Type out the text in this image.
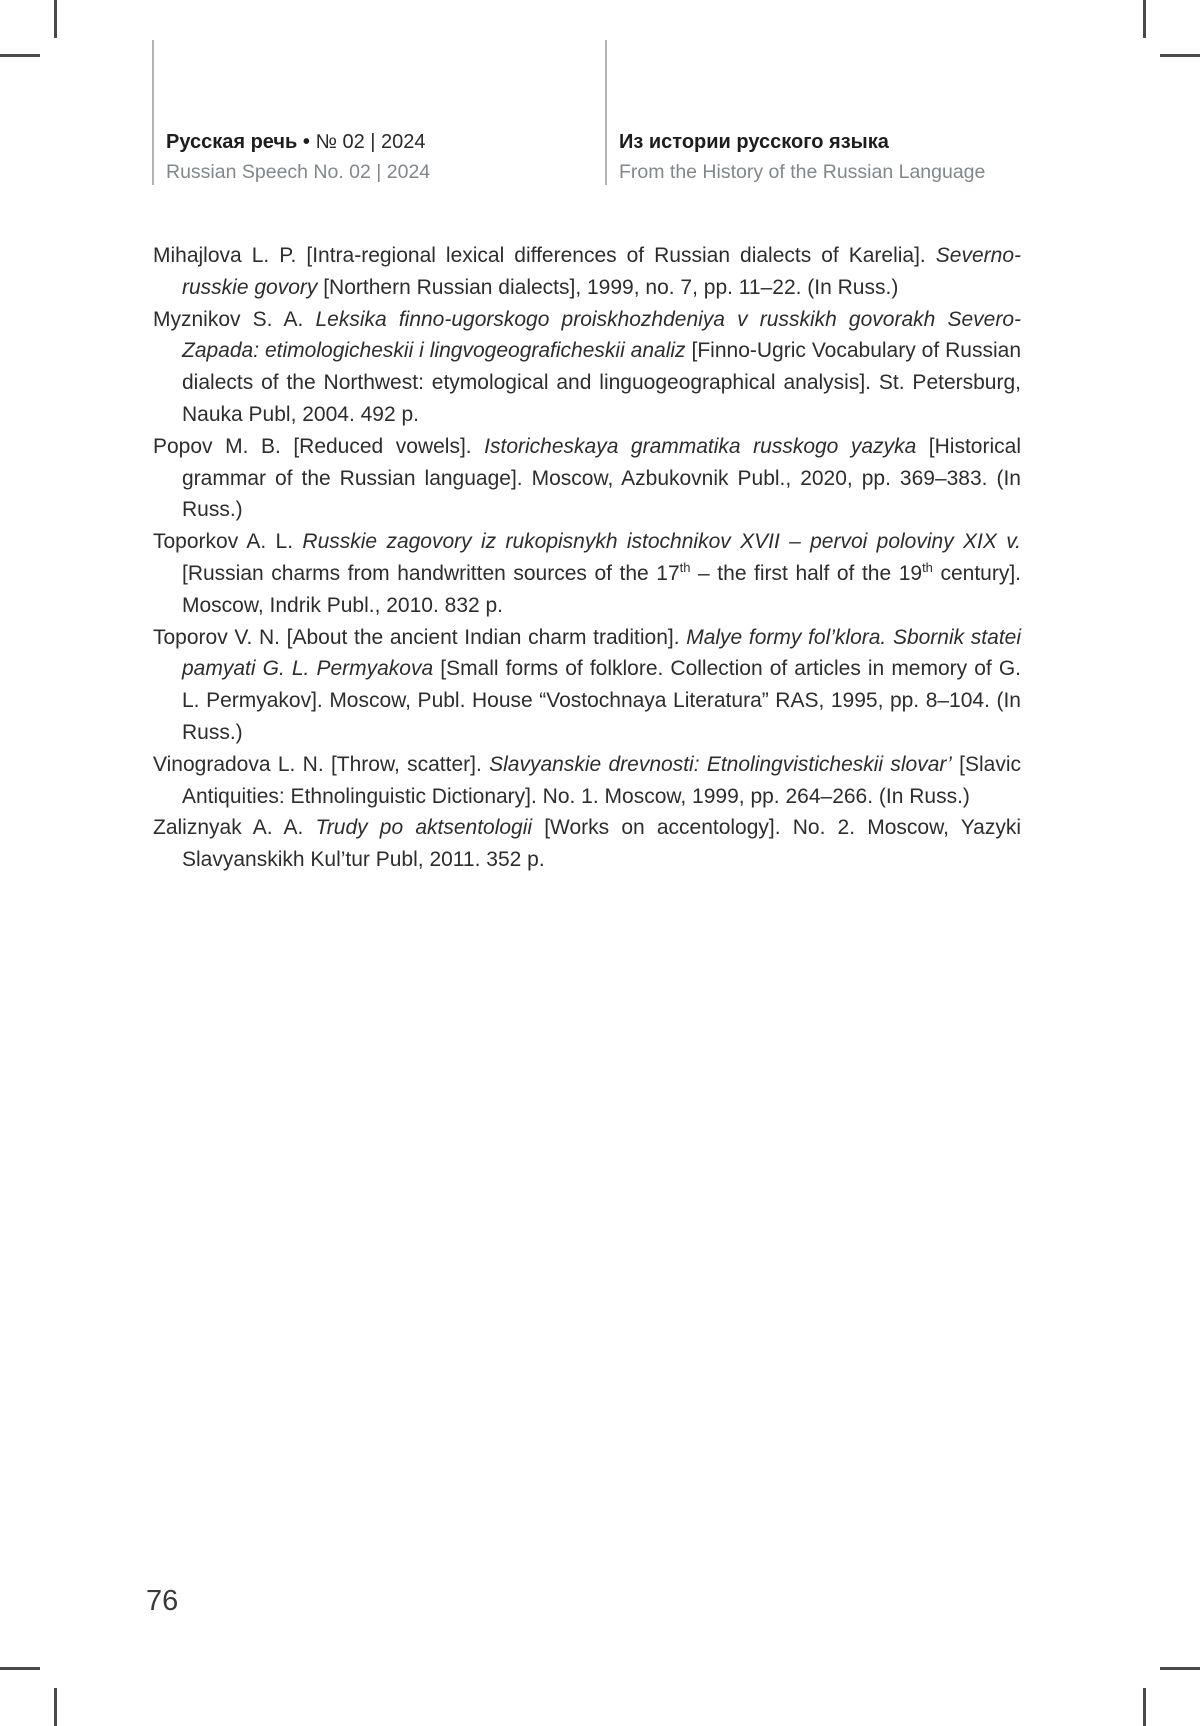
Русская речь • № 02 | 2024
Russian Speech No. 02 | 2024
Из истории русского языка
From the History of the Russian Language

Mihajlova L. P. [Intra-regional lexical differences of Russian dialects of Karelia]. Severno-russkie govory [Northern Russian dialects], 1999, no. 7, pp. 11–22. (In Russ.)

Myznikov S. A. Leksika finno-ugorskogo proiskhozhdeniya v russkikh govorakh Severo-Zapada: etimologicheskii i lingvogeograficheskii analiz [Finno-Ugric Vocabulary of Russian dialects of the Northwest: etymological and linguogeographical analysis]. St. Petersburg, Nauka Publ, 2004. 492 p.

Popov M. B. [Reduced vowels]. Istoricheskaya grammatika russkogo yazyka [Historical grammar of the Russian language]. Moscow, Azbukovnik Publ., 2020, pp. 369–383. (In Russ.)

Toporkov A. L. Russkie zagovory iz rukopisnykh istochnikov XVII – pervoi poloviny XIX v. [Russian charms from handwritten sources of the 17th – the first half of the 19th century]. Moscow, Indrik Publ., 2010. 832 p.

Toporov V. N. [About the ancient Indian charm tradition]. Malye formy fol’klora. Sbornik statei pamyati G. L. Permyakova [Small forms of folklore. Collection of articles in memory of G. L. Permyakov]. Moscow, Publ. House “Vostochnaya Literatura” RAS, 1995, pp. 8–104. (In Russ.)

Vinogradova L. N. [Throw, scatter]. Slavyanskie drevnosti: Etnolingvisticheskii slovar’ [Slavic Antiquities: Ethnolinguistic Dictionary]. No. 1. Moscow, 1999, pp. 264–266. (In Russ.)

Zaliznyak A. A. Trudy po aktsentologii [Works on accentology]. No. 2. Moscow, Yazyki Slavyanskikh Kul’tur Publ, 2011. 352 p.

76
